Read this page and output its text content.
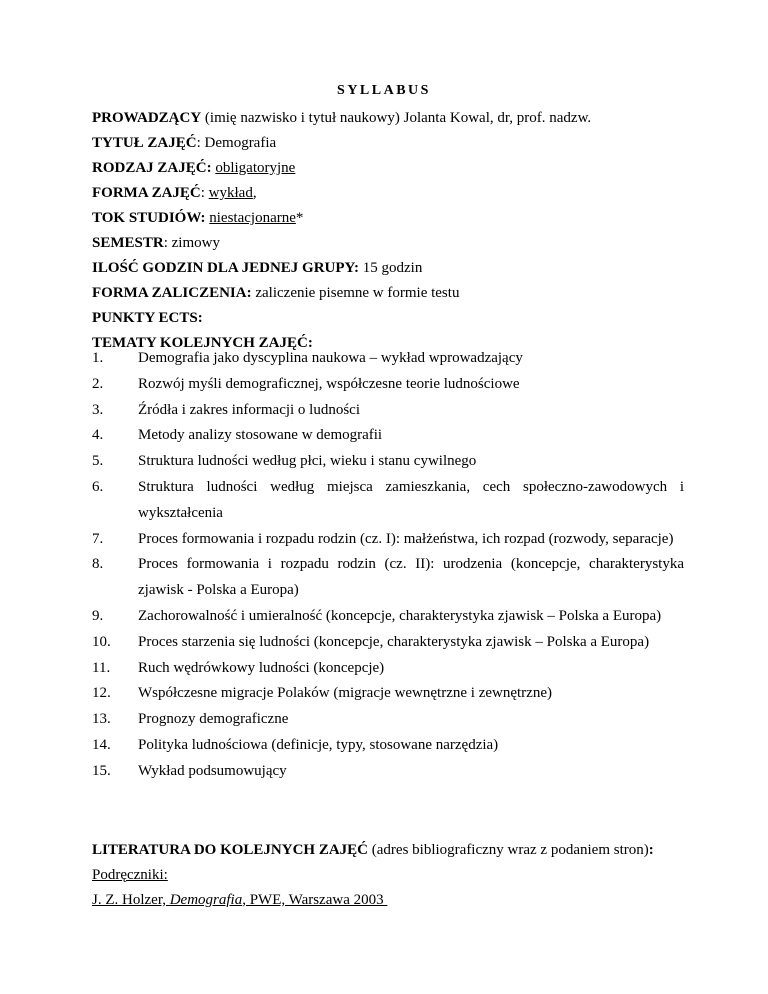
SYLLABUS
PROWADZĄCY (imię nazwisko i tytuł naukowy) Jolanta Kowal, dr, prof. nadzw.
TYTUŁ ZAJĘĆ: Demografia
RODZAJ ZAJĘĆ: obligatoryjne
FORMA ZAJĘĆ: wykład,
TOK STUDIÓW: niestacjonarne*
SEMESTR: zimowy
ILOŚĆ GODZIN DLA JEDNEJ GRUPY: 15 godzin
FORMA ZALICZENIA: zaliczenie pisemne w formie testu
PUNKTY ECTS:
TEMATY KOLEJNYCH ZAJĘĆ:
1.	Demografia jako dyscyplina naukowa – wykład wprowadzający
2.	Rozwój myśli demograficznej, współczesne teorie ludnościowe
3.	Źródła i zakres informacji o ludności
4.	Metody analizy stosowane w demografii
5.	Struktura ludności według płci, wieku i stanu cywilnego
6.	Struktura ludności według miejsca zamieszkania, cech społeczno-zawodowych i wykształcenia
7.	Proces formowania i rozpadu rodzin (cz. I): małżeństwa, ich rozpad (rozwody, separacje)
8.	Proces formowania i rozpadu rodzin (cz. II): urodzenia (koncepcje, charakterystyka zjawisk - Polska a Europa)
9.	Zachorowalność i umieralność (koncepcje, charakterystyka zjawisk – Polska a Europa)
10.	Proces starzenia się ludności (koncepcje, charakterystyka zjawisk – Polska a Europa)
11.	Ruch wędrówkowy ludności (koncepcje)
12.	Współczesne migracje Polaków (migracje wewnętrzne i zewnętrzne)
13.	Prognozy demograficzne
14.	Polityka ludnościowa (definicje, typy, stosowane narzędzia)
15.	Wykład podsumowujący
LITERATURA DO KOLEJNYCH ZAJĘĆ (adres bibliograficzny wraz z podaniem stron):
Podręczniki:
J. Z. Holzer, Demografia, PWE, Warszawa 2003
